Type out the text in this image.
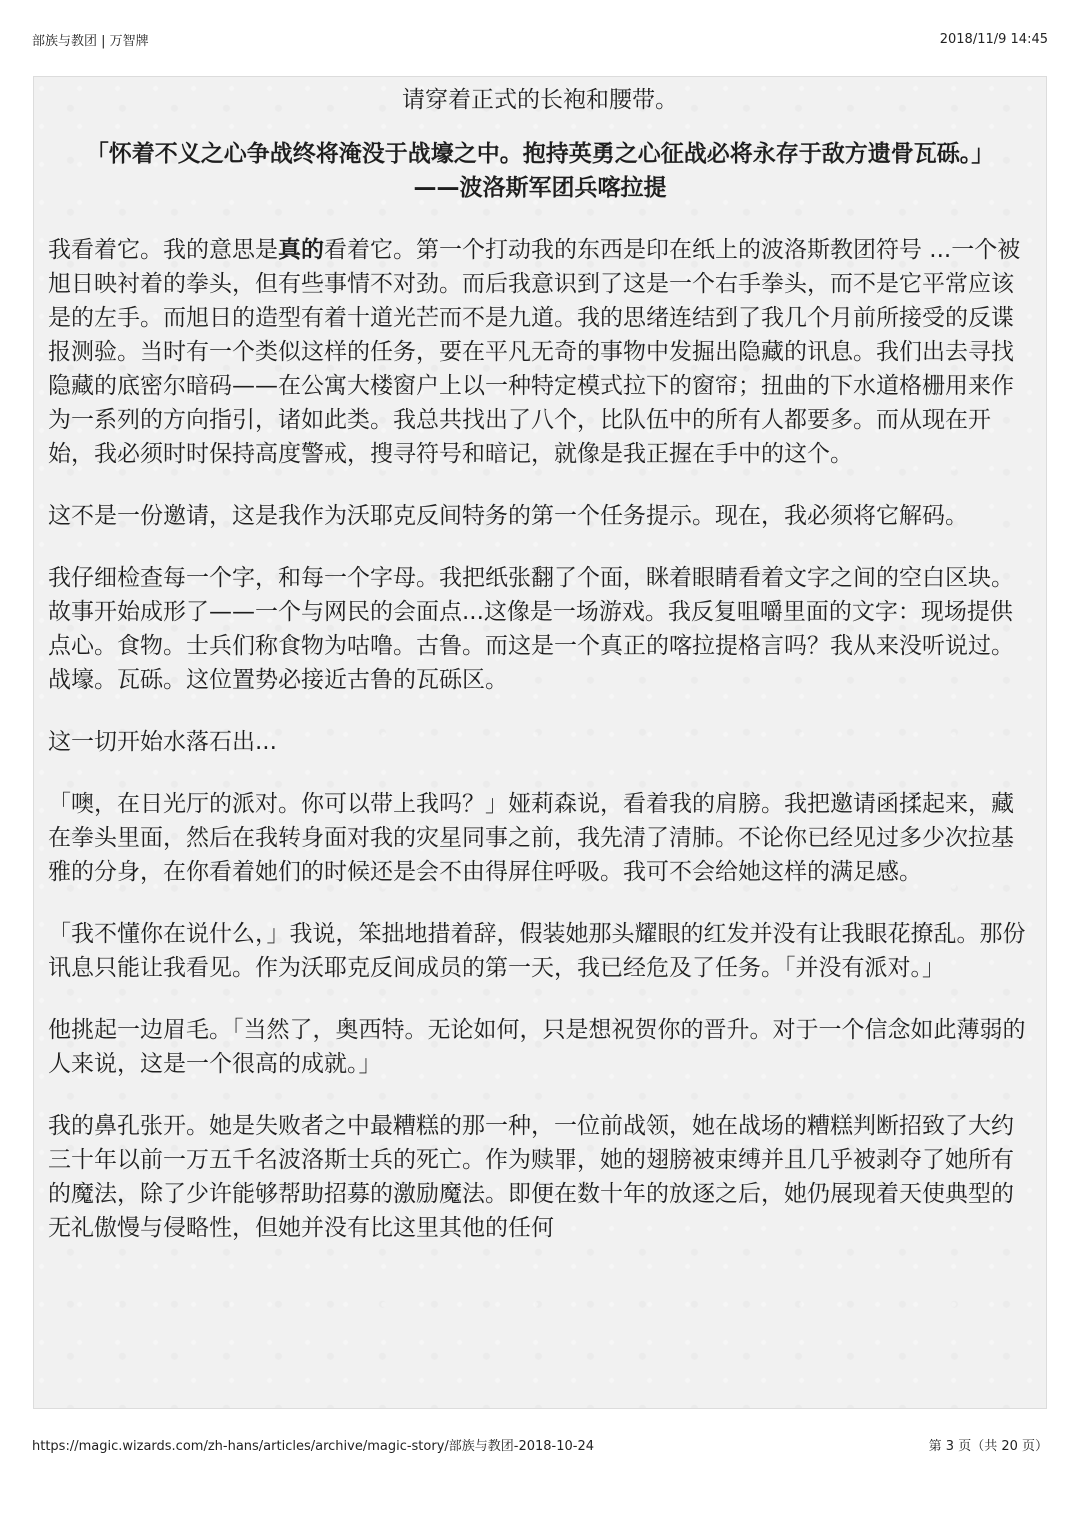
部族与教团 | 万智牌	2018/11/9 14:45

请穿着正式的长袍和腰带。

「怀着不义之心争战终将淹没于战壕之中。抱持英勇之心征战必将永存于敌方遗骨瓦砾。」

——波洛斯军团兵喀拉提

我看着它。我的意思是真的看着它。第一个打动我的东西是印在纸上的波洛斯教团符号 ...一个被旭日映衬着的拳头，但有些事情不对劲。而后我意识到了这是一个右手拳头，而不是它平常应该是的左手。而旭日的造型有着十道光芒而不是九道。我的思绪连结到了我几个月前所接受的反谍报测验。当时有一个类似这样的任务，要在平凡无奇的事物中发掘出隐藏的讯息。我们出去寻找隐藏的底密尔暗码——在公寓大楼窗户上以一种特定模式拉下的窗帘；扭曲的下水道格栅用来作为一系列的方向指引，诸如此类。我总共找出了八个，比队伍中的所有人都要多。而从现在开始，我必须时时保持高度警戒，搜寻符号和暗记，就像是我正握在手中的这个。

这不是一份邀请，这是我作为沃耶克反间特务的第一个任务提示。现在，我必须将它解码。

我仔细检查每一个字，和每一个字母。我把纸张翻了个面，眯着眼睛看着文字之间的空白区块。故事开始成形了——一个与网民的会面点...这像是一场游戏。我反复咀嚼里面的文字：现场提供点心。食物。士兵们称食物为咕噜。古鲁。而这是一个真正的喀拉提格言吗？我从来没听说过。战壕。瓦砾。这位置势必接近古鲁的瓦砾区。

这一切开始水落石出...

「噢，在日光厅的派对。你可以带上我吗？」娅莉森说，看着我的肩膀。我把邀请函揉起来，藏在拳头里面，然后在我转身面对我的灾星同事之前，我先清了清肺。不论你已经见过多少次拉基雅的分身，在你看着她们的时候还是会不由得屏住呼吸。我可不会给她这样的满足感。

「我不懂你在说什么，」我说，笨拙地措着辞，假装她那头耀眼的红发并没有让我眼花撩乱。那份讯息只能让我看见。作为沃耶克反间成员的第一天，我已经危及了任务。「并没有派对。」

他挑起一边眉毛。「当然了，奥西特。无论如何，只是想祝贺你的晋升。对于一个信念如此薄弱的人来说，这是一个很高的成就。」

我的鼻孔张开。她是失败者之中最糟糕的那一种，一位前战领，她在战场的糟糕判断招致了大约三十年以前一万五千名波洛斯士兵的死亡。作为赎罪，她的翅膀被束缚并且几乎被剥夺了她所有的魔法，除了少许能够帮助招募的激励魔法。即便在数十年的放逐之后，她仍展现着天使典型的无礼傲慢与侵略性，但她并没有比这里其他的任何

https://magic.wizards.com/zh-hans/articles/archive/magic-story/部族与教团-2018-10-24	第 3 页（共 20 页）
